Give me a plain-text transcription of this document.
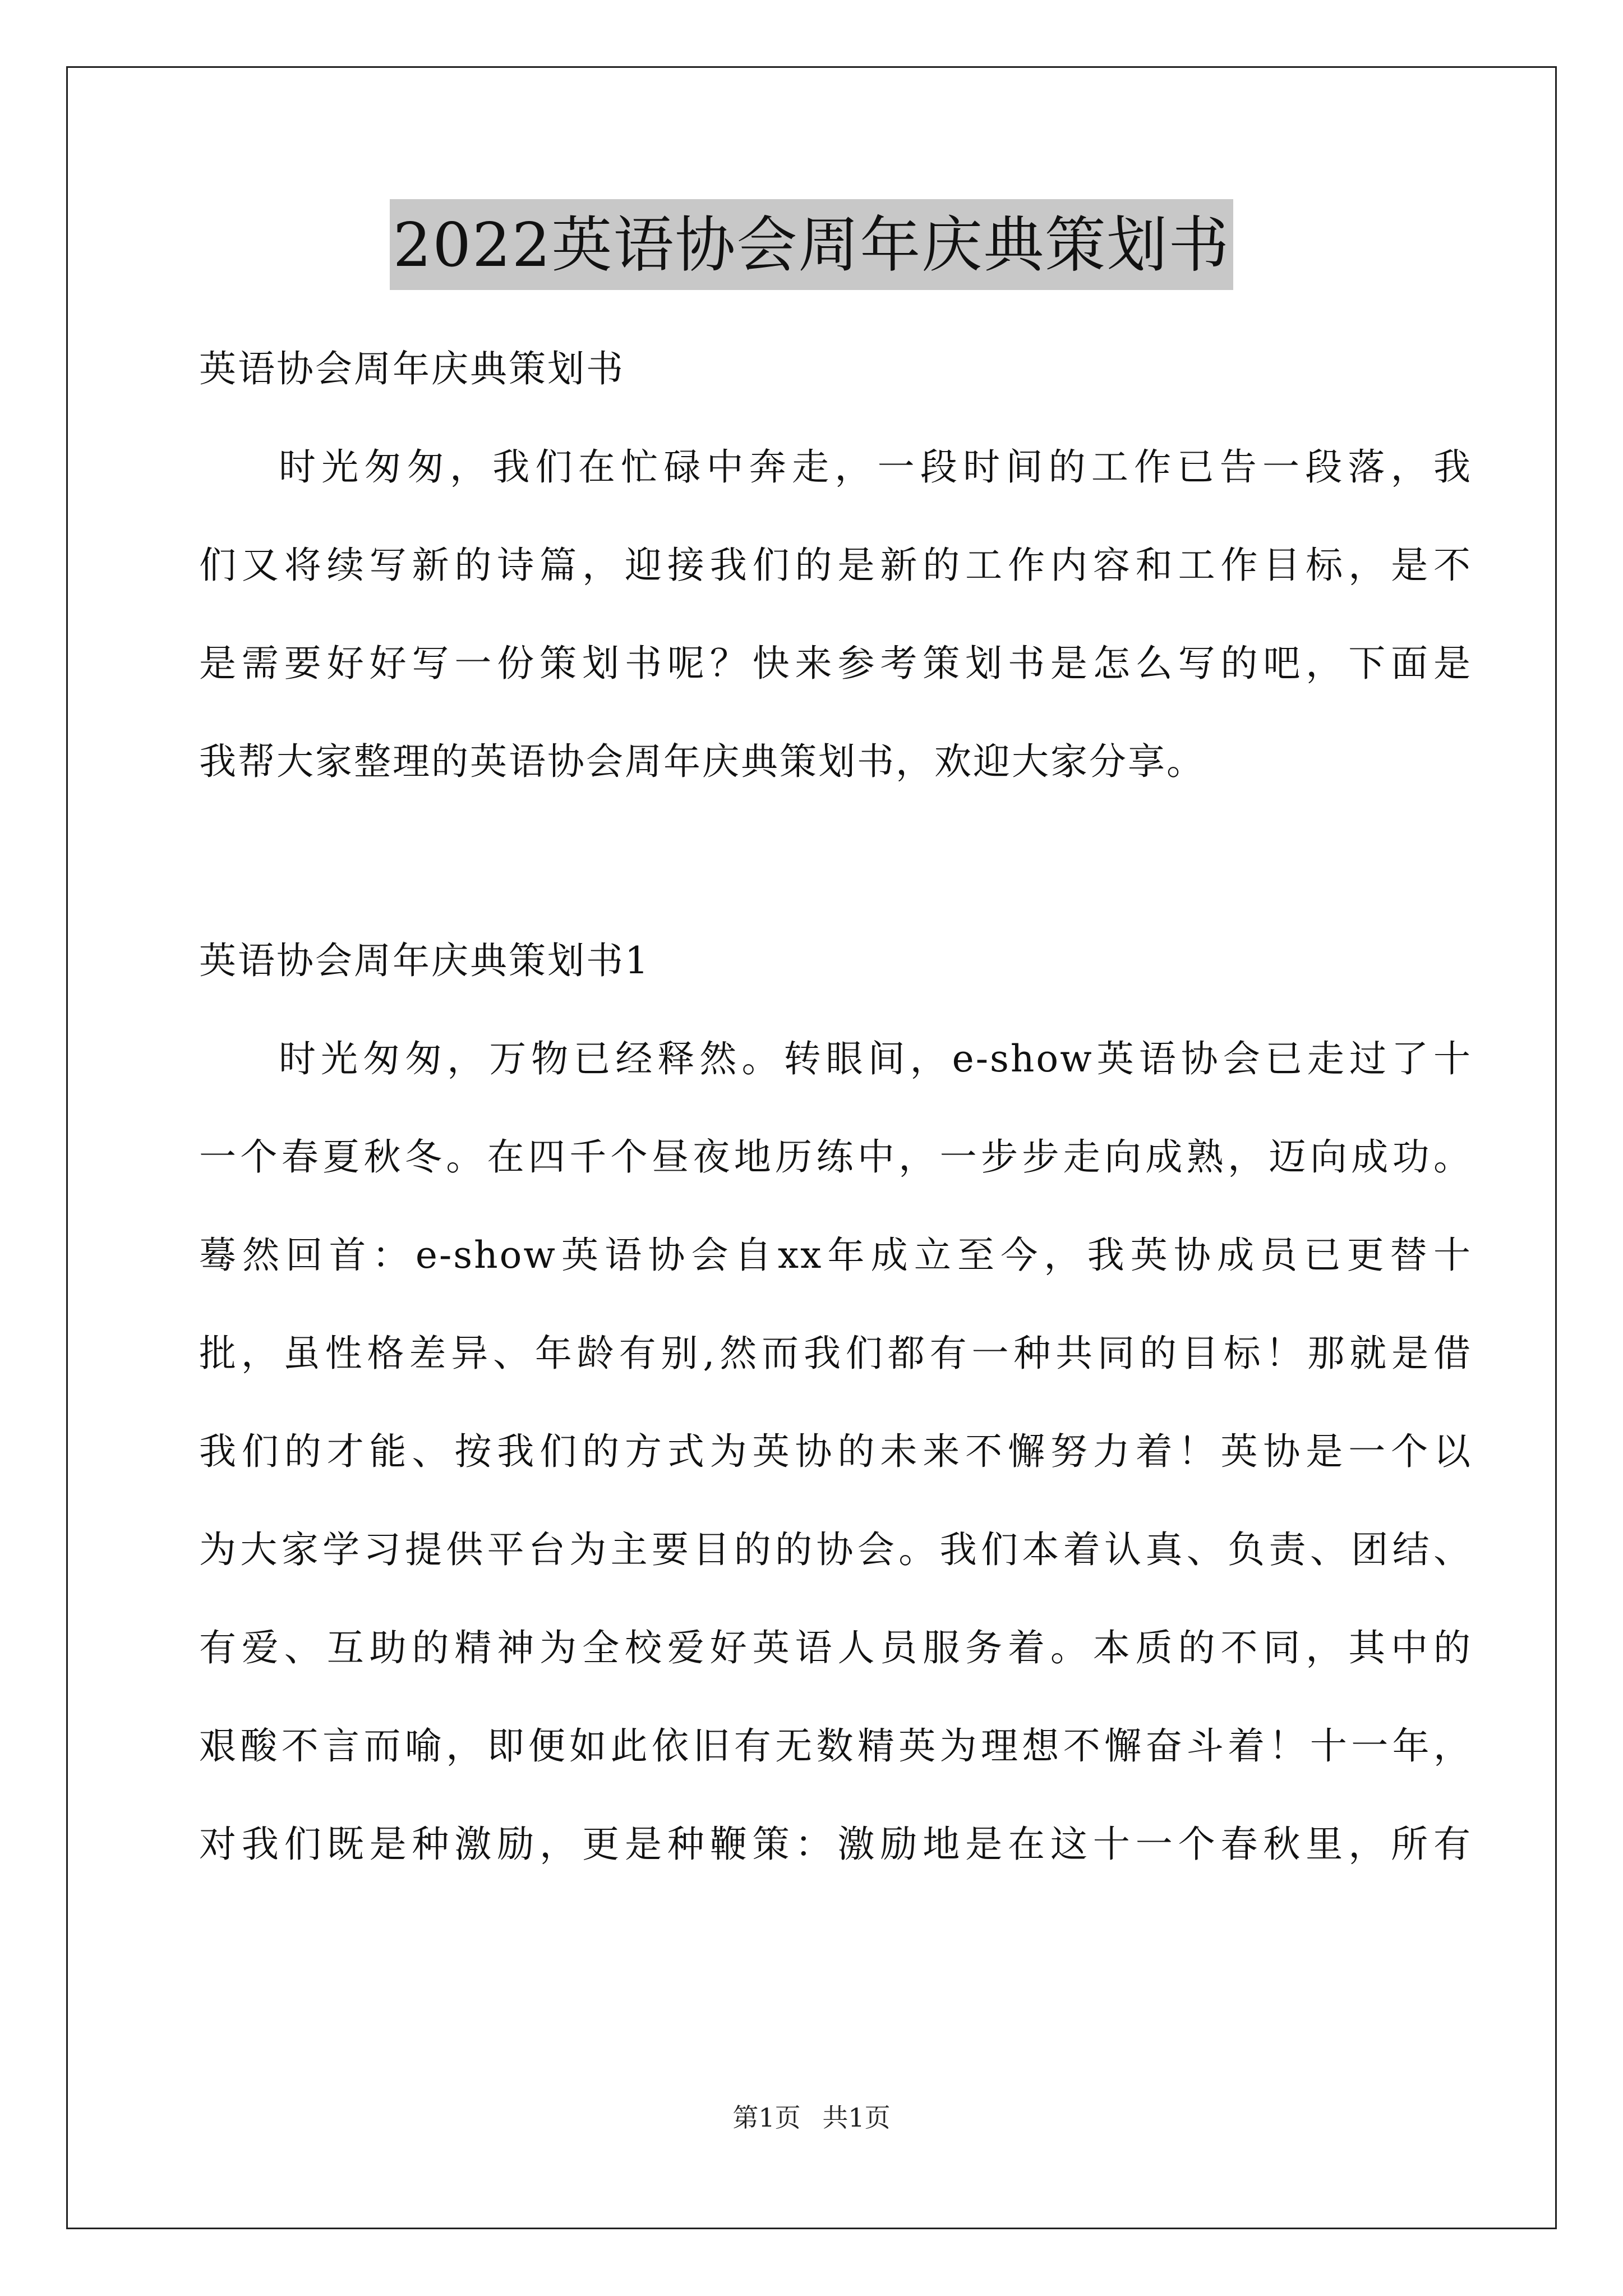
2022英语协会周年庆典策划书
英语协会周年庆典策划书
时光匆匆，我们在忙碌中奔走，一段时间的工作已告一段落，我
们又将续写新的诗篇，迎接我们的是新的工作内容和工作目标，是不
是需要好好写一份策划书呢？快来参考策划书是怎么写的吧，下面是
我帮大家整理的英语协会周年庆典策划书，欢迎大家分享。
英语协会周年庆典策划书1
时光匆匆，万物已经释然。转眼间，e-show英语协会已走过了十
一个春夏秋冬。在四千个昼夜地历练中，一步步走向成熟，迈向成功。
蓦然回首：e-show英语协会自xx年成立至今，我英协成员已更替十
批，虽性格差异、年龄有别,然而我们都有一种共同的目标！那就是借
我们的才能、按我们的方式为英协的未来不懈努力着！英协是一个以
为大家学习提供平台为主要目的的协会。我们本着认真、负责、团结、
有爱、互助的精神为全校爱好英语人员服务着。本质的不同，其中的
艰酸不言而喻，即便如此依旧有无数精英为理想不懈奋斗着！十一年，
对我们既是种激励，更是种鞭策：激励地是在这十一个春秋里，所有
第1页 共1页
